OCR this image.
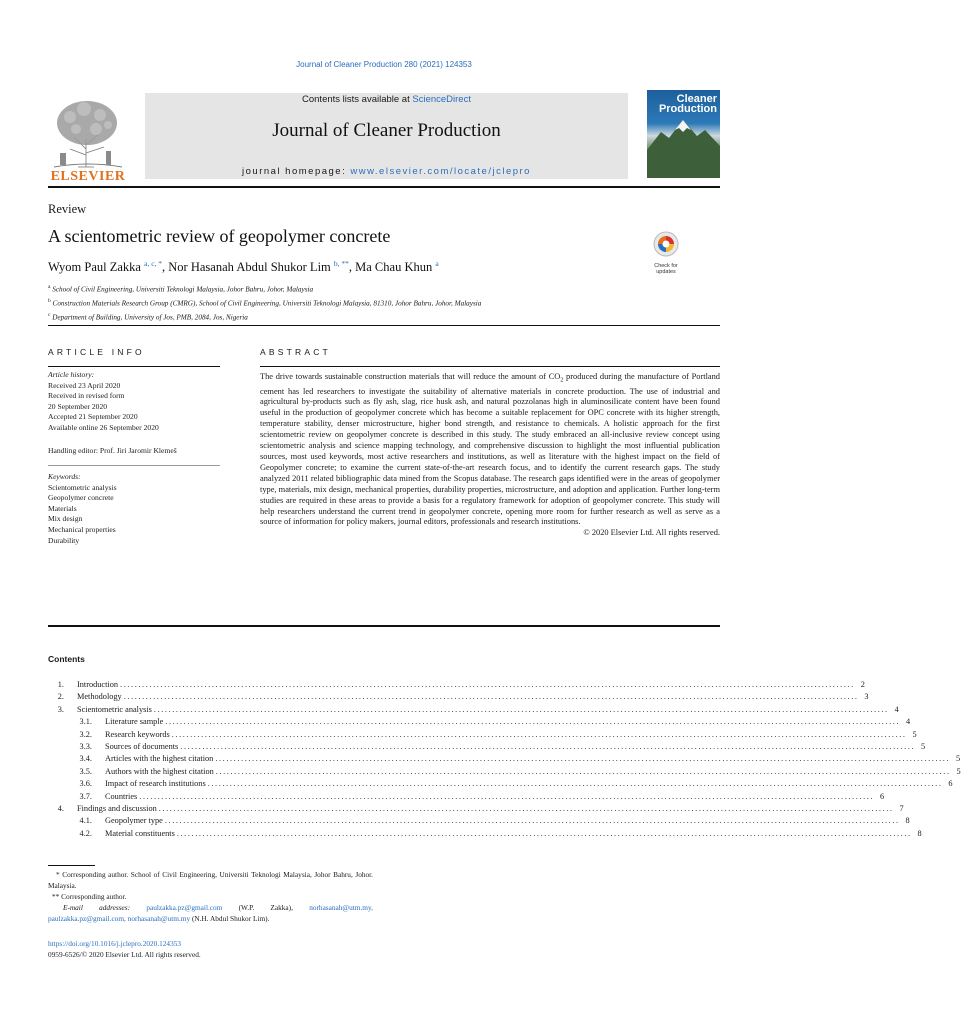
Journal of Cleaner Production 280 (2021) 124353
ELSEVIER
Contents lists available at ScienceDirect
Journal of Cleaner Production
journal homepage: www.elsevier.com/locate/jclepro
Cleaner
Production
Review
A scientometric review of geopolymer concrete
Check for
updates
Wyom Paul Zakka $^{a, c, *}$, Nor Hasanah Abdul Shukor Lim $^{b, **}$, Ma Chau Khun $^a$
$^a$ School of Civil Engineering, Universiti Teknologi Malaysia, Johor Bahru, Johor, Malaysia
$^b$ Construction Materials Research Group (CMRG), School of Civil Engineering, Universiti Teknologi Malaysia, 81310, Johor Bahru, Johor, Malaysia
$^c$ Department of Building, University of Jos, PMB, 2084, Jos, Nigeria
ARTICLE INFO
Article history:
Received 23 April 2020
Received in revised form
20 September 2020
Accepted 21 September 2020
Available online 26 September 2020
Handling editor: Prof. Jiri Jaromir Klemeš
Keywords:
Scientometric analysis
Geopolymer concrete
Materials
Mix design
Mechanical properties
Durability
ABSTRACT
The drive towards sustainable construction materials that will reduce the amount of $CO_2$ produced during the manufacture of Portland cement has led researchers to investigate the suitability of alternative materials in concrete production. The use of industrial and agricultural by-products such as fly ash, slag, rice husk ash, and natural pozzolanas high in aluminosilicate content have been found useful in the production of geopolymer concrete which has become a suitable replacement for OPC concrete with its higher strength, temperature stability, denser microstructure, higher bond strength, and resistance to chemicals. A holistic approach for the first scientometric review on geopolymer concrete is described in this study. The study embraced an all-inclusive review concept using scientometric analysis and science mapping technology, and comprehensive discussion to highlight the most influential publication sources, most used keywords, most active researchers and institutions, as well as literature with the highest impact on the field of Geopolymer concrete; to examine the current state-of-the-art research focus, and to identify the current research gaps. The study analyzed 2011 related bibliographic data mined from the Scopus database. The research gaps identified were in the areas of geopolymer type, materials, mix design, mechanical properties, durability properties, microstructure, and adoption and application. Further long-term studies are required in these areas to provide a basis for a regulatory framework for adoption of geopolymer concrete. This study will help researchers understand the current trend in geopolymer concrete, opening more room for further research as well as serve as a source of information for policy makers, journal editors, professionals and research institutions.
© 2020 Elsevier Ltd. All rights reserved.
Contents
1.	Introduction ........................................................................................................................................................................................................ 2
2.	Methodology ........................................................................................................................................................................................................ 3
3.	Scientometric analysis ........................................................................................................................................................................................................ 4
3.1.	Literature sample ........................................................................................................................................................................................................ 4
3.2.	Research keywords ........................................................................................................................................................................................................ 5
3.3.	Sources of documents ........................................................................................................................................................................................................ 5
3.4.	Articles with the highest citation ........................................................................................................................................................................................................ 5
3.5.	Authors with the highest citation ........................................................................................................................................................................................................ 5
3.6.	Impact of research institutions ........................................................................................................................................................................................................ 6
3.7.	Countries ........................................................................................................................................................................................................ 6
4.	Findings and discussion ........................................................................................................................................................................................................ 7
4.1.	Geopolymer type ........................................................................................................................................................................................................ 8
4.2.	Material constituents ........................................................................................................................................................................................................ 8
* Corresponding author. School of Civil Engineering, Universiti Teknologi Malaysia, Johor Bahru, Johor. Malaysia.
** Corresponding author.
E-mail addresses: paulzakka.pz@gmail.com (W.P. Zakka), norhasanah@utm.my, paulzakka.pz@gmail.com, norhasanah@utm.my (N.H. Abdul Shukor Lim).
https://doi.org/10.1016/j.jclepro.2020.124353
0959-6526/© 2020 Elsevier Ltd. All rights reserved.
